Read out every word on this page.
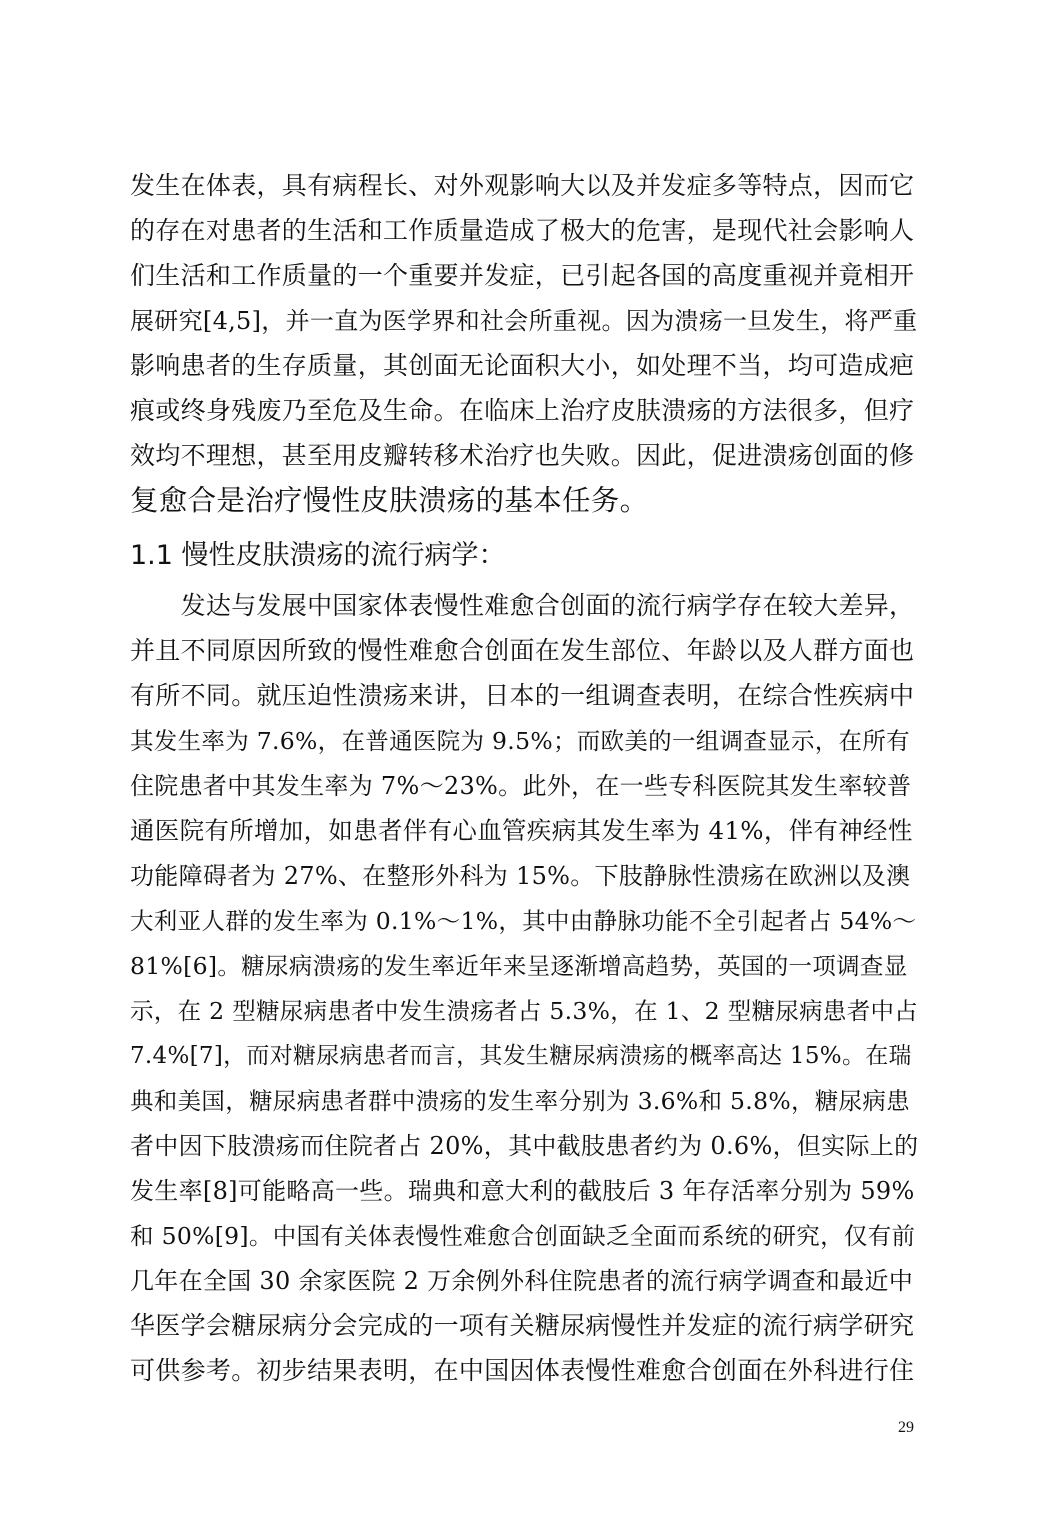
发生在体表，具有病程长、对外观影响大以及并发症多等特点，因而它
的存在对患者的生活和工作质量造成了极大的危害，是现代社会影响人
们生活和工作质量的一个重要并发症，已引起各国的高度重视并竟相开
展研究[4,5]，并一直为医学界和社会所重视。因为溃疡一旦发生，将严重
影响患者的生存质量，其创面无论面积大小，如处理不当，均可造成疤
痕或终身残废乃至危及生命。在临床上治疗皮肤溃疡的方法很多，但疗
效均不理想，甚至用皮瓣转移术治疗也失败。因此，促进溃疡创面的修
复愈合是治疗慢性皮肤溃疡的基本任务。
1.1 慢性皮肤溃疡的流行病学：
　　发达与发展中国家体表慢性难愈合创面的流行病学存在较大差异，
并且不同原因所致的慢性难愈合创面在发生部位、年龄以及人群方面也
有所不同。就压迫性溃疡来讲，日本的一组调查表明，在综合性疾病中
其发生率为 7.6%，在普通医院为 9.5%；而欧美的一组调查显示，在所有
住院患者中其发生率为 7%～23%。此外，在一些专科医院其发生率较普
通医院有所增加，如患者伴有心血管疾病其发生率为 41%，伴有神经性
功能障碍者为 27%、在整形外科为 15%。下肢静脉性溃疡在欧洲以及澳
大利亚人群的发生率为 0.1%～1%，其中由静脉功能不全引起者占 54%～
81%[6]。糖尿病溃疡的发生率近年来呈逐渐增高趋势，英国的一项调查显
示，在 2 型糖尿病患者中发生溃疡者占 5.3%，在 1、2 型糖尿病患者中占
7.4%[7]，而对糖尿病患者而言，其发生糖尿病溃疡的概率高达 15%。在瑞
典和美国，糖尿病患者群中溃疡的发生率分别为 3.6%和 5.8%，糖尿病患
者中因下肢溃疡而住院者占 20%，其中截肢患者约为 0.6%，但实际上的
发生率[8]可能略高一些。瑞典和意大利的截肢后 3 年存活率分别为 59%
和 50%[9]。中国有关体表慢性难愈合创面缺乏全面而系统的研究，仅有前
几年在全国 30 余家医院 2 万余例外科住院患者的流行病学调查和最近中
华医学会糖尿病分会完成的一项有关糖尿病慢性并发症的流行病学研究
可供参考。初步结果表明，在中国因体表慢性难愈合创面在外科进行住
29
